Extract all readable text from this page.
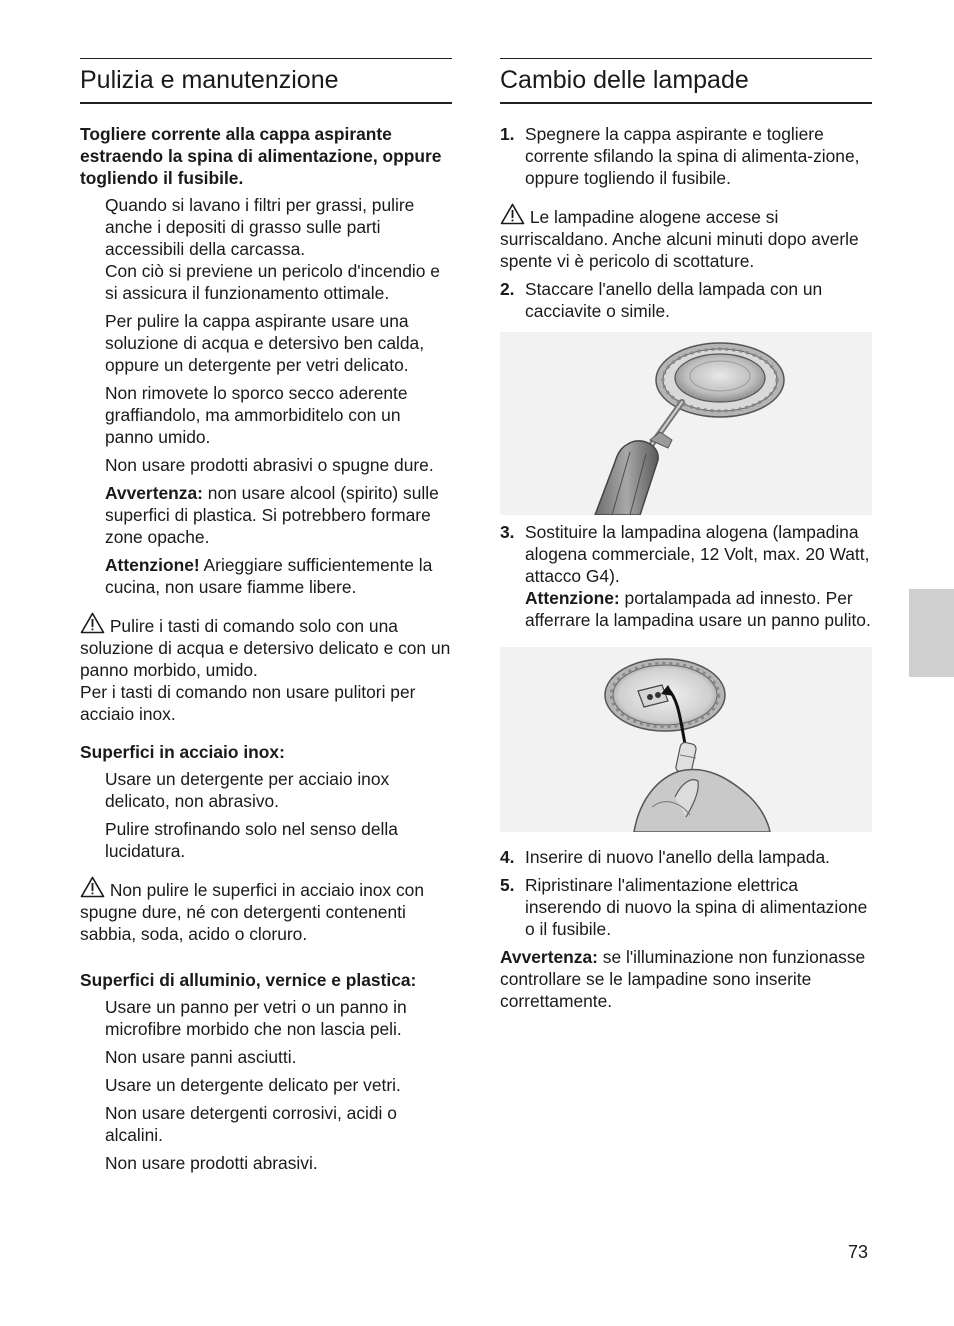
Pulizia e manutenzione

Togliere corrente alla cappa aspirante estraendo la spina di alimentazione, oppure togliendo il fusibile.

Quando si lavano i filtri per grassi, pulire anche i depositi di grasso sulle parti accessibili della carcassa.
Con ciò si previene un pericolo d'incendio e si assicura il funzionamento ottimale.

Per pulire la cappa aspirante usare una soluzione di acqua e detersivo ben calda, oppure un detergente per vetri delicato.

Non rimovete lo sporco secco aderente graffiandolo, ma ammorbiditelo con un panno umido.

Non usare prodotti abrasivi o spugne dure.

Avvertenza: non usare alcool (spirito) sulle superfici di plastica. Si potrebbero formare zone opache.

Attenzione! Arieggiare sufficientemente la cucina, non usare fiamme libere.

Pulire i tasti di comando solo con una soluzione di acqua e detersivo delicato e con un panno morbido, umido.
Per i tasti di comando non usare pulitori per acciaio inox.

Superfici in acciaio inox:

Usare un detergente per acciaio inox delicato, non abrasivo.

Pulire strofinando solo nel senso della lucidatura.

Non pulire le superfici in acciaio inox con spugne dure, né con detergenti contenenti sabbia, soda, acido o cloruro.

Superfici di alluminio, vernice e plastica:

Usare un panno per vetri o un panno in microfibre morbido che non lascia peli.

Non usare panni asciutti.

Usare un detergente delicato per vetri.

Non usare detergenti corrosivi, acidi o alcalini.

Non usare prodotti abrasivi.

Cambio delle lampade
1. Spegnere la cappa aspirante e togliere corrente sfilando la spina di alimenta-zione, oppure togliendo il fusibile.

Le lampadine alogene accese si surriscaldano. Anche alcuni minuti dopo averle spente vi è pericolo di scottature.

2. Staccare l'anello della lampada con un cacciavite o simile.
3. Sostituire la lampadina alogena (lampadina alogena commerciale, 12 Volt, max. 20 Watt, attacco G4).
Attenzione: portalampada ad innesto. Per afferrare la lampadina usare un panno pulito.
4. Inserire di nuovo l'anello della lampada.
5. Ripristinare l'alimentazione elettrica inserendo di nuovo la spina di alimentazione o il fusibile.

Avvertenza: se l'illuminazione non funzionasse controllare se le lampadine sono inserite correttamente.

73
